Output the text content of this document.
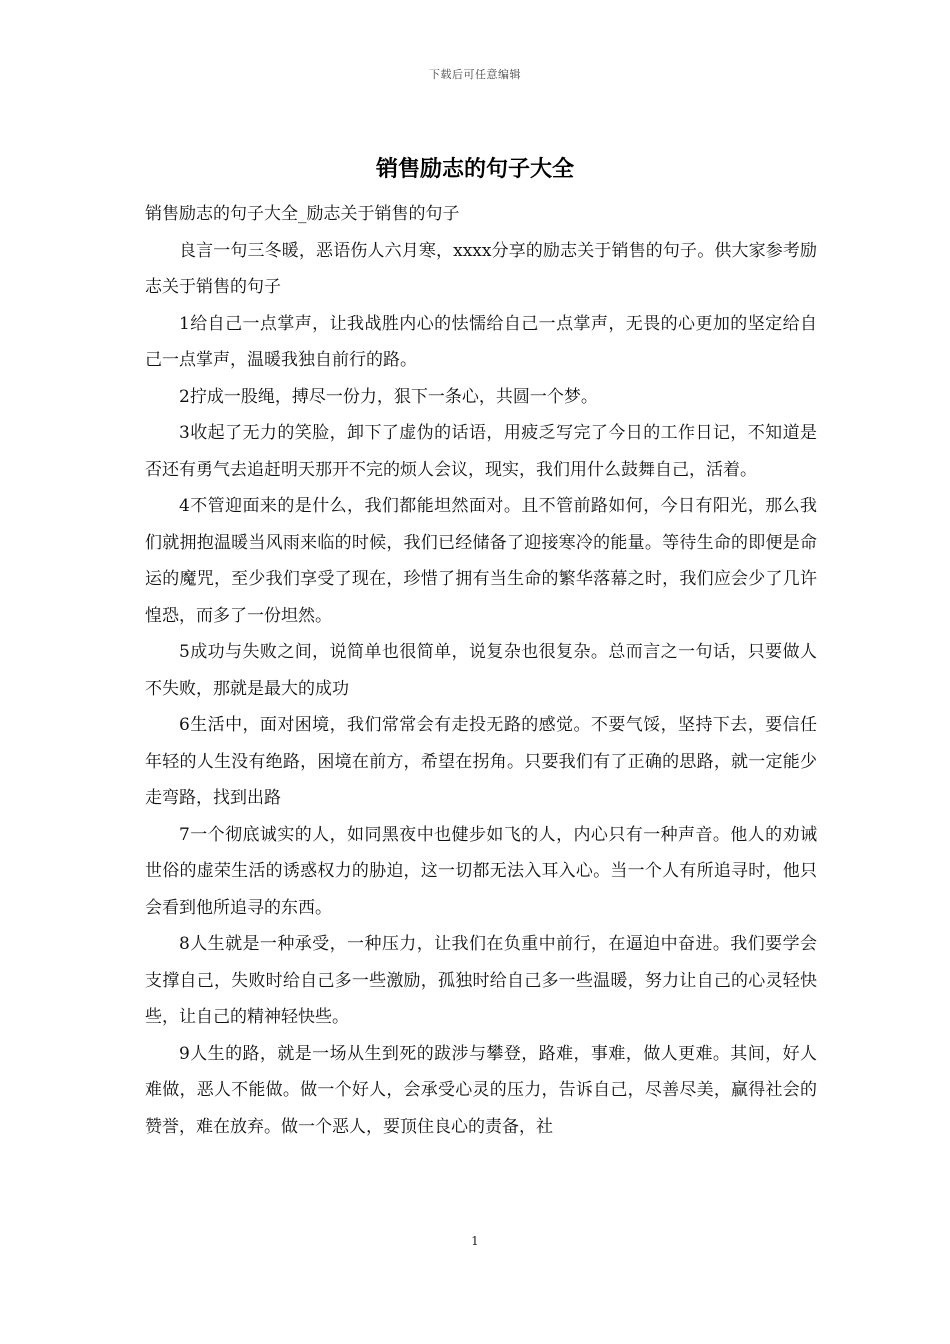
下载后可任意编辑
销售励志的句子大全

销售励志的句子大全_励志关于销售的句子

良言一句三冬暖，恶语伤人六月寒，xxxx分享的励志关于销售的句子。供大家参考励志关于销售的句子

1给自己一点掌声，让我战胜内心的怯懦给自己一点掌声，无畏的心更加的坚定给自己一点掌声，温暖我独自前行的路。

2拧成一股绳，搏尽一份力，狠下一条心，共圆一个梦。

3收起了无力的笑脸，卸下了虚伪的话语，用疲乏写完了今日的工作日记，不知道是否还有勇气去追赶明天那开不完的烦人会议，现实，我们用什么鼓舞自己，活着。

4不管迎面来的是什么，我们都能坦然面对。且不管前路如何，今日有阳光，那么我们就拥抱温暖当风雨来临的时候，我们已经储备了迎接寒冷的能量。等待生命的即便是命运的魔咒，至少我们享受了现在，珍惜了拥有当生命的繁华落幕之时，我们应会少了几许惶恐，而多了一份坦然。

5成功与失败之间，说简单也很简单，说复杂也很复杂。总而言之一句话，只要做人不失败，那就是最大的成功

6生活中，面对困境，我们常常会有走投无路的感觉。不要气馁，坚持下去，要信任年轻的人生没有绝路，困境在前方，希望在拐角。只要我们有了正确的思路，就一定能少走弯路，找到出路

7一个彻底诚实的人，如同黑夜中也健步如飞的人，内心只有一种声音。他人的劝诫世俗的虚荣生活的诱惑权力的胁迫，这一切都无法入耳入心。当一个人有所追寻时，他只会看到他所追寻的东西。

8人生就是一种承受，一种压力，让我们在负重中前行，在逼迫中奋进。我们要学会支撑自己，失败时给自己多一些激励，孤独时给自己多一些温暖，努力让自己的心灵轻快些，让自己的精神轻快些。

9人生的路，就是一场从生到死的跋涉与攀登，路难，事难，做人更难。其间，好人难做，恶人不能做。做一个好人，会承受心灵的压力，告诉自己，尽善尽美，赢得社会的赞誉，难在放弃。做一个恶人，要顶住良心的责备，社

1
